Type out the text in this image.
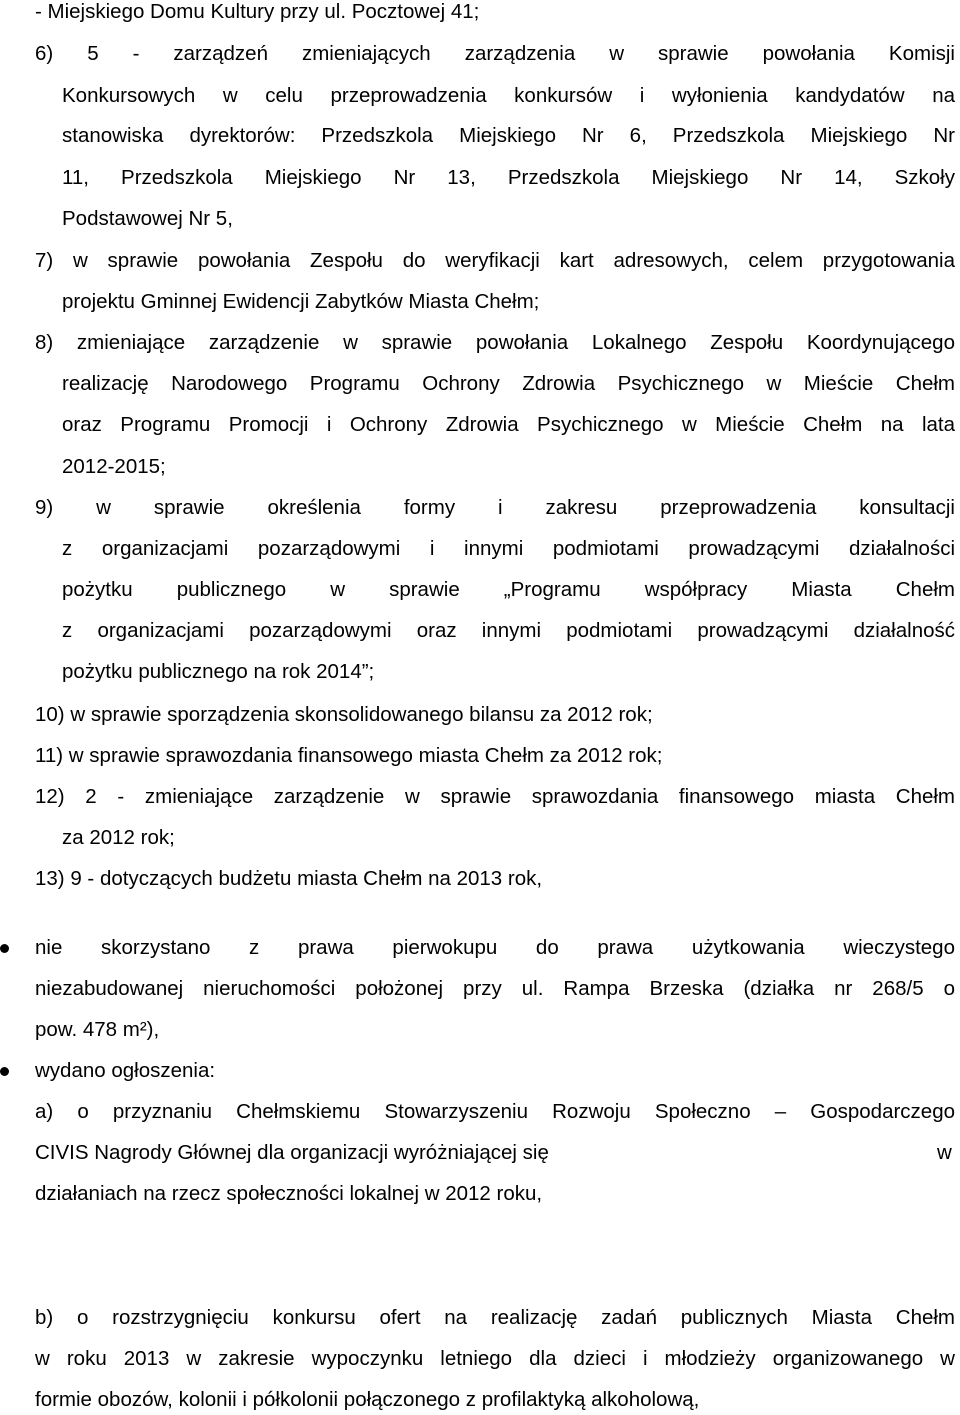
- Miejskiego Domu Kultury przy ul. Pocztowej 41;
6) 5 - zarządzeń zmieniających zarządzenia w sprawie powołania Komisji
Konkursowych w celu przeprowadzenia konkursów i wyłonienia kandydatów na
stanowiska dyrektorów: Przedszkola Miejskiego Nr 6, Przedszkola Miejskiego Nr
11, Przedszkola Miejskiego Nr 13, Przedszkola Miejskiego Nr 14, Szkoły
Podstawowej Nr 5,
7) w sprawie powołania Zespołu do weryfikacji kart adresowych, celem przygotowania
projektu Gminnej Ewidencji Zabytków Miasta Chełm;
8) zmieniające zarządzenie w sprawie powołania Lokalnego Zespołu Koordynującego
realizację Narodowego Programu Ochrony Zdrowia Psychicznego w Mieście Chełm
oraz Programu Promocji i Ochrony Zdrowia Psychicznego w Mieście Chełm na lata
2012-2015;
9) w sprawie określenia formy i zakresu przeprowadzenia konsultacji
z organizacjami pozarządowymi i innymi podmiotami prowadzącymi działalności
pożytku publicznego w sprawie „Programu współpracy Miasta Chełm
z organizacjami pozarządowymi oraz innymi podmiotami prowadzącymi działalność
pożytku publicznego na rok 2014”;
10) w sprawie sporządzenia skonsolidowanego bilansu za 2012 rok;
11) w sprawie sprawozdania finansowego miasta Chełm za 2012 rok;
12) 2 - zmieniające zarządzenie w sprawie sprawozdania finansowego miasta Chełm
za 2012 rok;
13) 9 - dotyczących budżetu miasta Chełm na 2013 rok,
nie skorzystano z prawa pierwokupu do prawa użytkowania wieczystego
niezabudowanej nieruchomości położonej przy ul. Rampa Brzeska (działka nr 268/5 o
pow. 478 m²),
wydano ogłoszenia:
a) o przyznaniu Chełmskiemu Stowarzyszeniu Rozwoju Społeczno – Gospodarczego
CIVIS Nagrody Głównej dla organizacji wyróżniającej się	w
działaniach na rzecz społeczności lokalnej w 2012 roku,
b) o rozstrzygnięciu konkursu ofert na realizację zadań publicznych Miasta Chełm
w roku 2013 w zakresie wypoczynku letniego dla dzieci i młodzieży organizowanego w
formie obozów, kolonii i półkolonii połączonego z profilaktyką alkoholową,
